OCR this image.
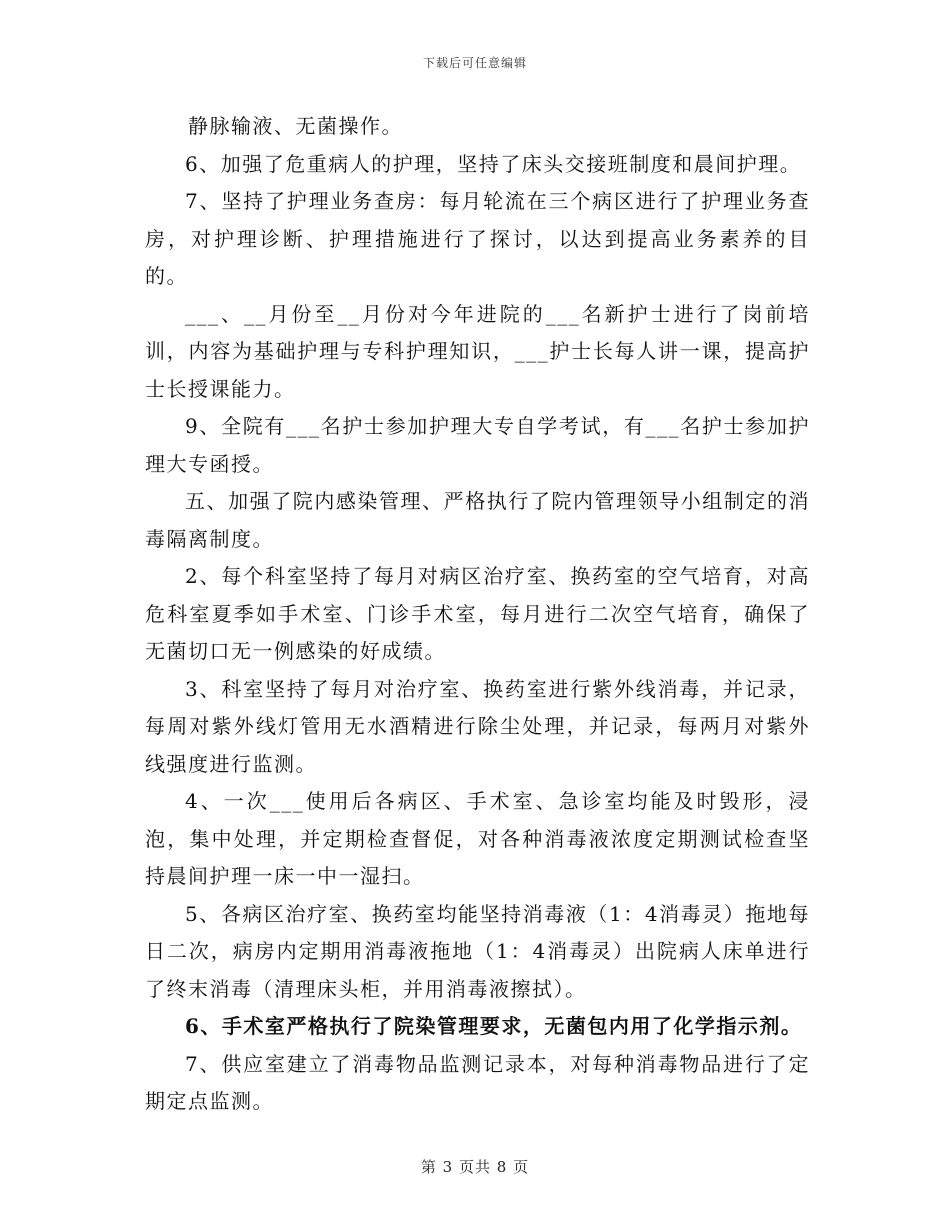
下载后可任意编辑

静脉输液、无菌操作。

6、加强了危重病人的护理，坚持了床头交接班制度和晨间护理。

7、坚持了护理业务查房：每月轮流在三个病区进行了护理业务查房，对护理诊断、护理措施进行了探讨，以达到提高业务素养的目的。

___、__月份至__月份对今年进院的___名新护士进行了岗前培训，内容为基础护理与专科护理知识，___护士长每人讲一课，提高护士长授课能力。

9、全院有___名护士参加护理大专自学考试，有___名护士参加护理大专函授。

五、加强了院内感染管理、严格执行了院内管理领导小组制定的消毒隔离制度。

2、每个科室坚持了每月对病区治疗室、换药室的空气培育，对高危科室夏季如手术室、门诊手术室，每月进行二次空气培育，确保了无菌切口无一例感染的好成绩。

3、科室坚持了每月对治疗室、换药室进行紫外线消毒，并记录，每周对紫外线灯管用无水酒精进行除尘处理，并记录，每两月对紫外线强度进行监测。

4、一次___使用后各病区、手术室、急诊室均能及时毁形，浸泡，集中处理，并定期检查督促，对各种消毒液浓度定期测试检查坚持晨间护理一床一中一湿扫。

5、各病区治疗室、换药室均能坚持消毒液（1：4消毒灵）拖地每日二次，病房内定期用消毒液拖地（1：4消毒灵）出院病人床单进行了终末消毒（清理床头柜，并用消毒液擦拭）。

6、手术室严格执行了院染管理要求，无菌包内用了化学指示剂。

7、供应室建立了消毒物品监测记录本，对每种消毒物品进行了定期定点监测。

第 3 页共 8 页
